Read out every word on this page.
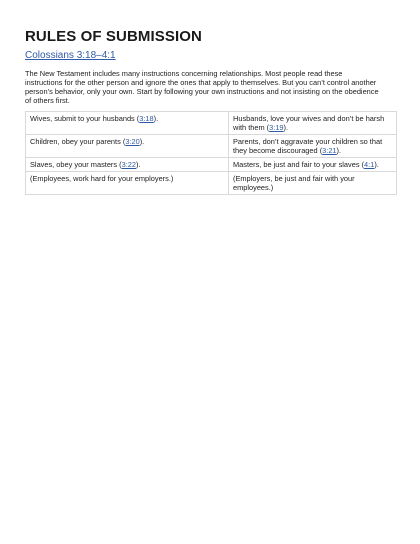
RULES OF SUBMISSION
Colossians 3:18–4:1

The New Testament includes many instructions concerning relationships. Most people read these instructions for the other person and ignore the ones that apply to themselves. But you can’t control another person’s behavior, only your own. Start by following your own instructions and not insisting on the obedience of others first.

Wives, submit to your husbands (3:18).	Husbands, love your wives and don’t be harsh with them (3:19).
Children, obey your parents (3:20).	Parents, don’t aggravate your children so that they become discouraged (3:21).
Slaves, obey your masters (3:22).	Masters, be just and fair to your slaves (4:1).
(Employees, work hard for your employers.)	(Employers, be just and fair with your employees.)
